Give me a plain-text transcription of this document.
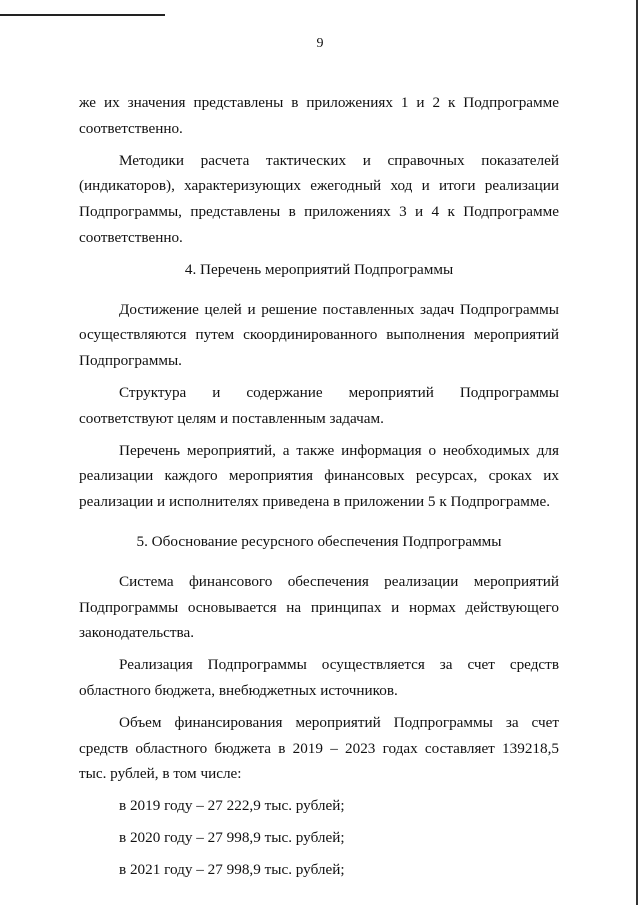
9

же их значения представлены в приложениях 1 и 2 к Подпрограмме соответственно.

Методики расчета тактических и справочных показателей (индикаторов), характеризующих ежегодный ход и итоги реализации Подпрограммы, представлены в приложениях 3 и 4 к Подпрограмме соответственно.

4. Перечень мероприятий Подпрограммы

Достижение целей и решение поставленных задач Подпрограммы осуществляются путем скоординированного выполнения мероприятий Подпрограммы.

Структура и содержание мероприятий Подпрограммы соответствуют целям и поставленным задачам.

Перечень мероприятий, а также информация о необходимых для реализации каждого мероприятия финансовых ресурсах, сроках их реализации и исполнителях приведена в приложении 5 к Подпрограмме.

5. Обоснование ресурсного обеспечения Подпрограммы

Система финансового обеспечения реализации мероприятий Подпрограммы основывается на принципах и нормах действующего законодательства.

Реализация Подпрограммы осуществляется за счет средств областного бюджета, внебюджетных источников.

Объем финансирования мероприятий Подпрограммы за счет средств областного бюджета в 2019 – 2023 годах составляет 139218,5 тыс. рублей, в том числе:

в 2019 году – 27 222,9 тыс. рублей;
в 2020 году – 27 998,9 тыс. рублей;
в 2021 году – 27 998,9 тыс. рублей;
